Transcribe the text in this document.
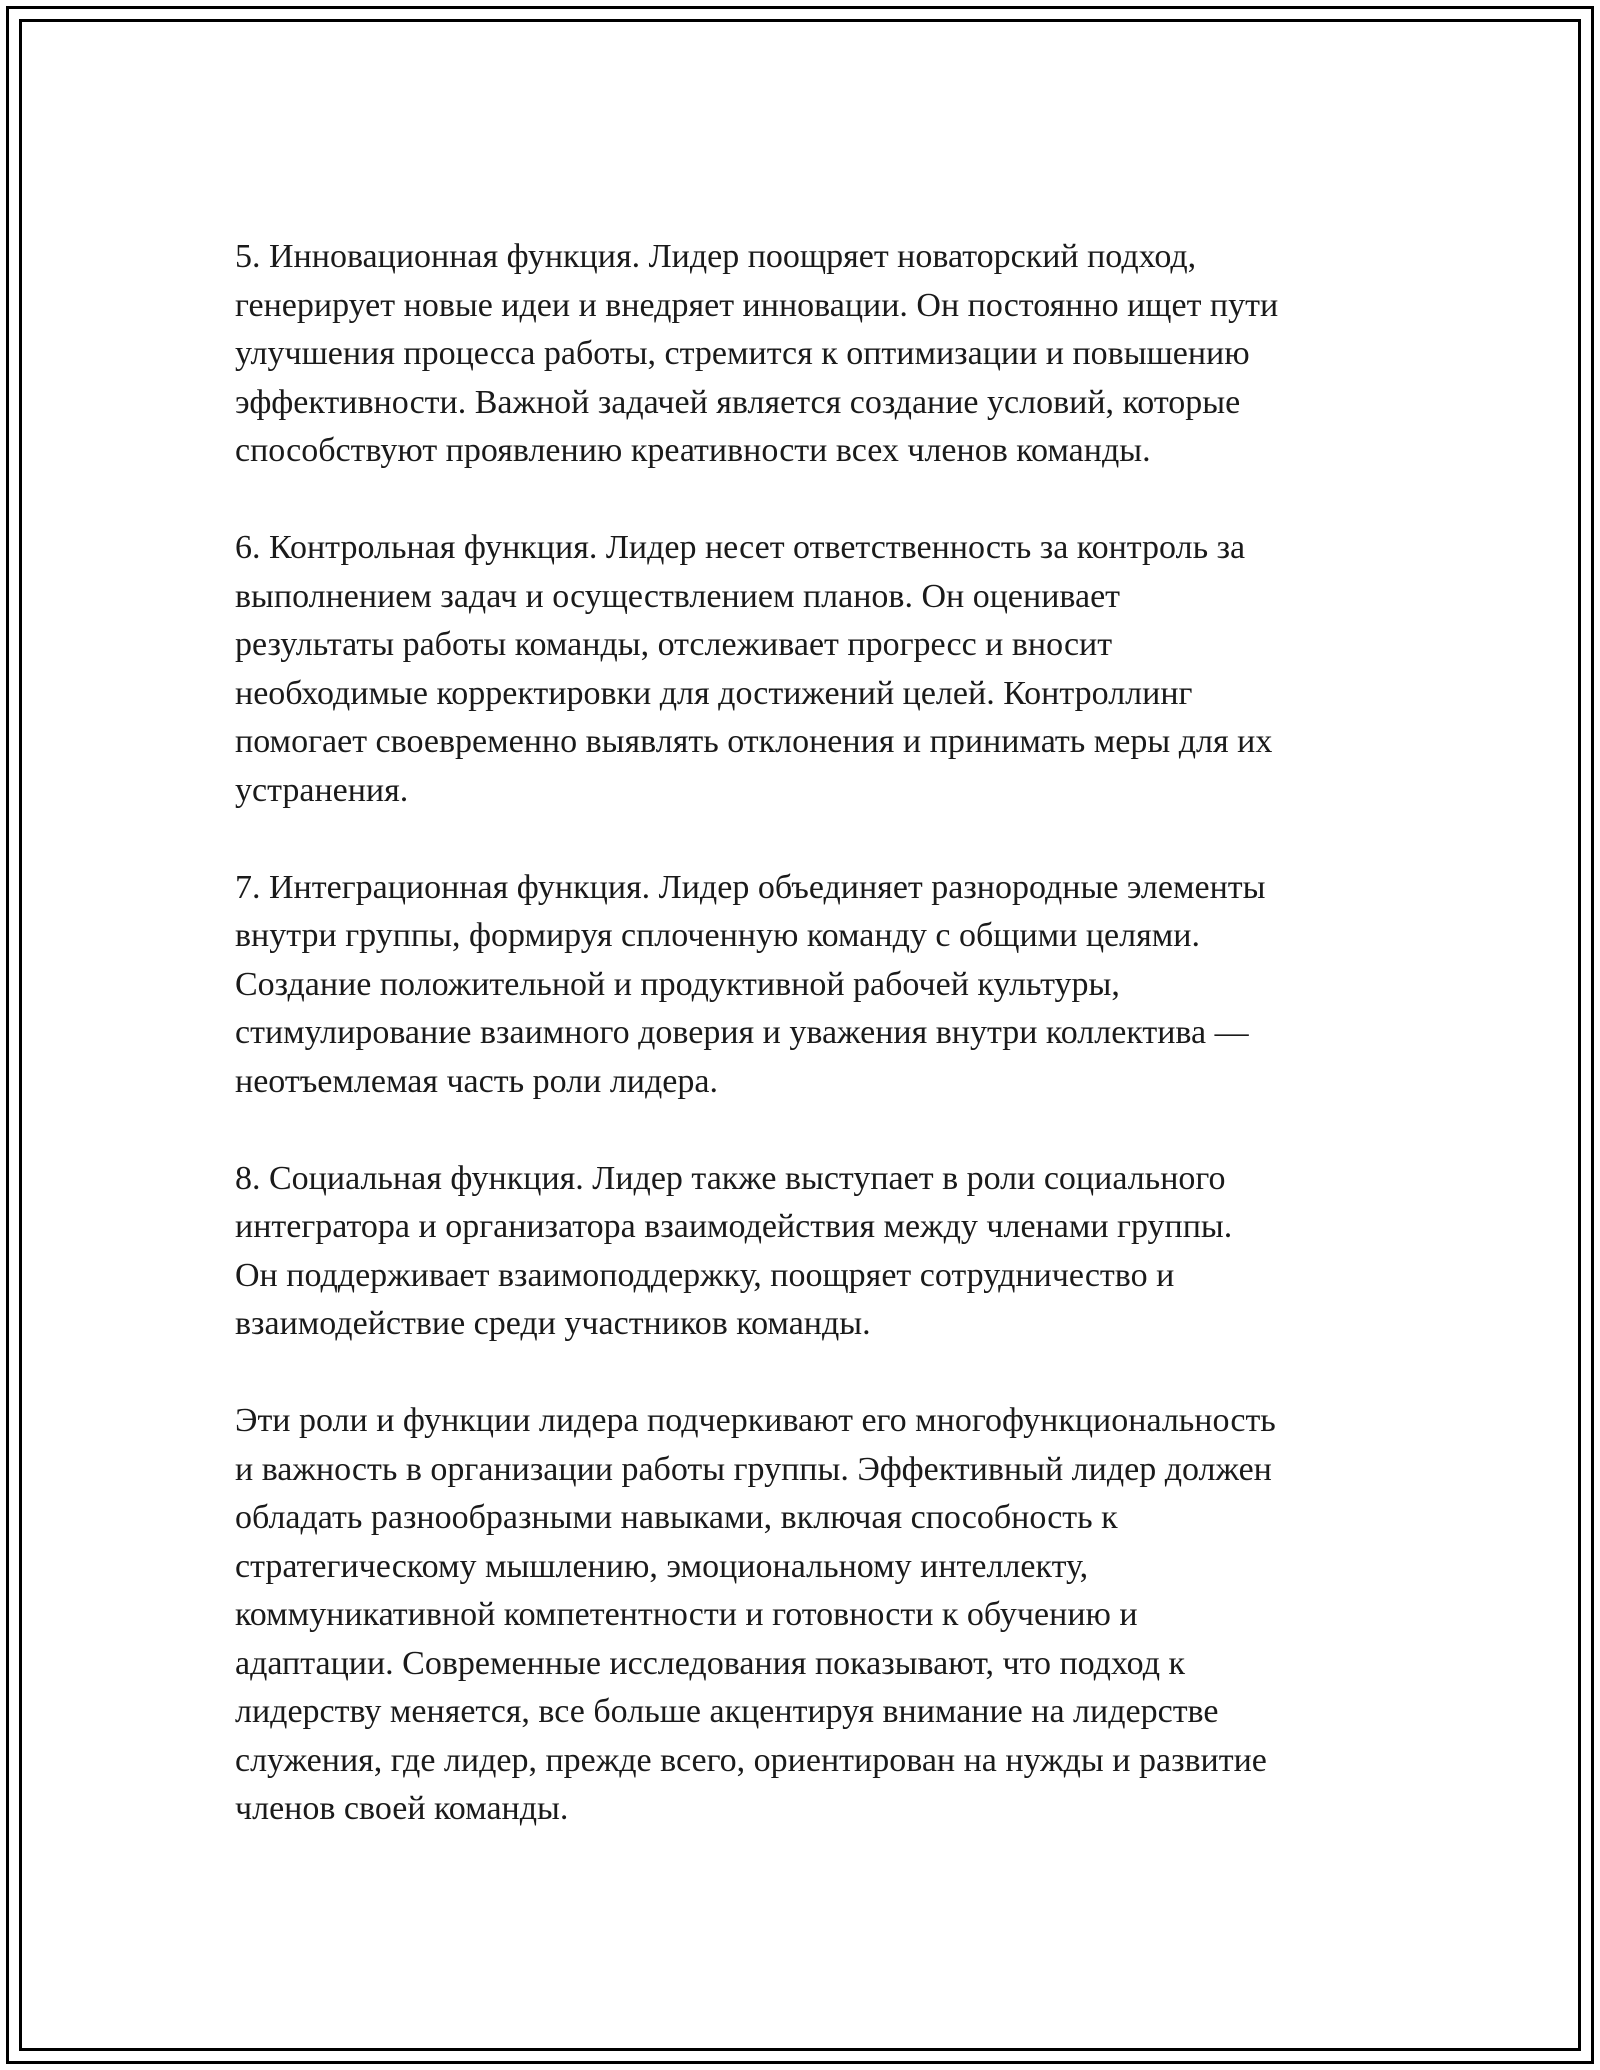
5. Инновационная функция. Лидер поощряет новаторский подход,
генерирует новые идеи и внедряет инновации. Он постоянно ищет пути
улучшения процесса работы, стремится к оптимизации и повышению
эффективности. Важной задачей является создание условий, которые
способствуют проявлению креативности всех членов команды.

6. Контрольная функция. Лидер несет ответственность за контроль за
выполнением задач и осуществлением планов. Он оценивает
результаты работы команды, отслеживает прогресс и вносит
необходимые корректировки для достижений целей. Контроллинг
помогает своевременно выявлять отклонения и принимать меры для их
устранения.

7. Интеграционная функция. Лидер объединяет разнородные элементы
внутри группы, формируя сплоченную команду с общими целями.
Создание положительной и продуктивной рабочей культуры,
стимулирование взаимного доверия и уважения внутри коллектива —
неотъемлемая часть роли лидера.

8. Социальная функция. Лидер также выступает в роли социального
интегратора и организатора взаимодействия между членами группы.
Он поддерживает взаимоподдержку, поощряет сотрудничество и
взаимодействие среди участников команды.

Эти роли и функции лидера подчеркивают его многофункциональность
и важность в организации работы группы. Эффективный лидер должен
обладать разнообразными навыками, включая способность к
стратегическому мышлению, эмоциональному интеллекту,
коммуникативной компетентности и готовности к обучению и
адаптации. Современные исследования показывают, что подход к
лидерству меняется, все больше акцентируя внимание на лидерстве
служения, где лидер, прежде всего, ориентирован на нужды и развитие
членов своей команды.
